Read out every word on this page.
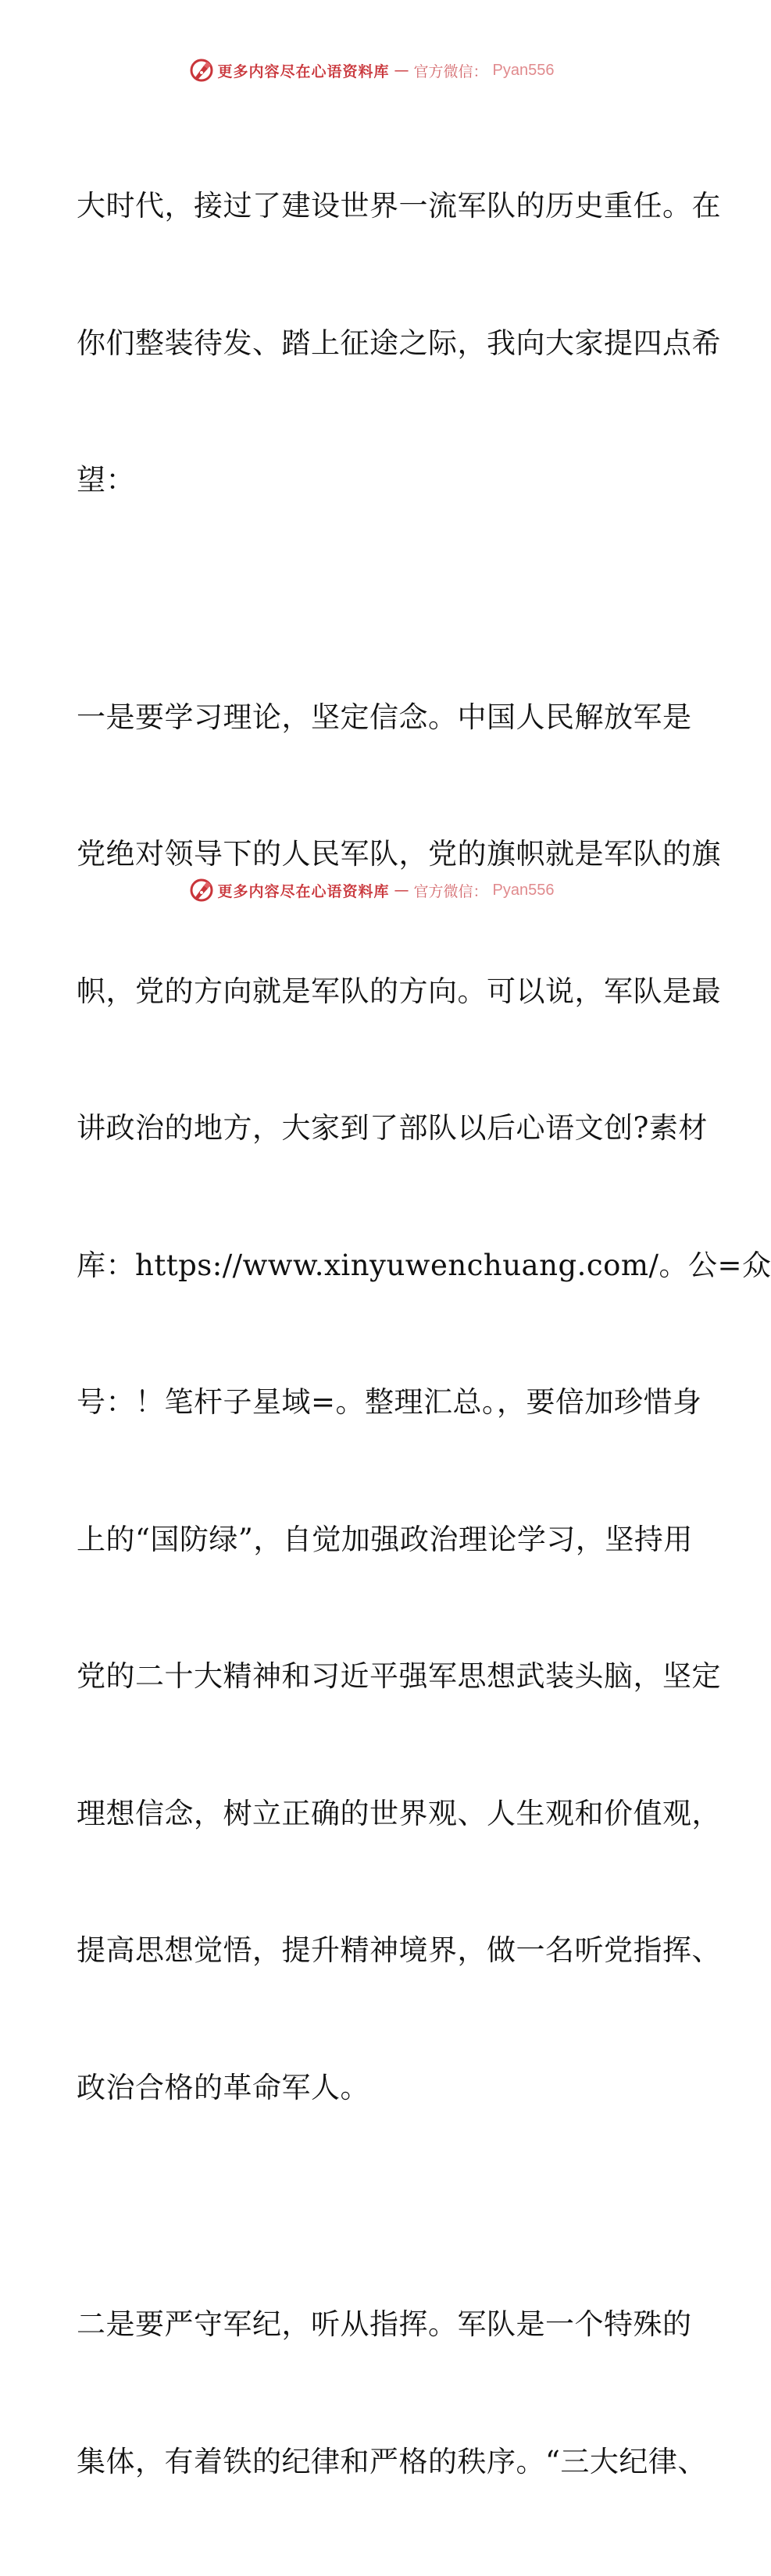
更多内容尽在心语资料库 — 官方微信： Pyan556

大时代，接过了建设世界一流军队的历史重任。在

你们整装待发、踏上征途之际，我向大家提四点希

望：

一是要学习理论，坚定信念。中国人民解放军是

党绝对领导下的人民军队，党的旗帜就是军队的旗

帜，党的方向就是军队的方向。可以说，军队是最

讲政治的地方，大家到了部队以后心语文创?素材

库：https://www.xinyuwenchuang.com/。公=众

号：！笔杆子星域=。整理汇总。，要倍加珍惜身

上的“国防绿”，自觉加强政治理论学习，坚持用

党的二十大精神和习近平强军思想武装头脑，坚定

理想信念，树立正确的世界观、人生观和价值观，

提高思想觉悟，提升精神境界，做一名听党指挥、

政治合格的革命军人。

二是要严守军纪，听从指挥。军队是一个特殊的

集体，有着铁的纪律和严格的秩序。“三大纪律、

更多内容尽在心语资料库 — 官方微信： Pyan556
